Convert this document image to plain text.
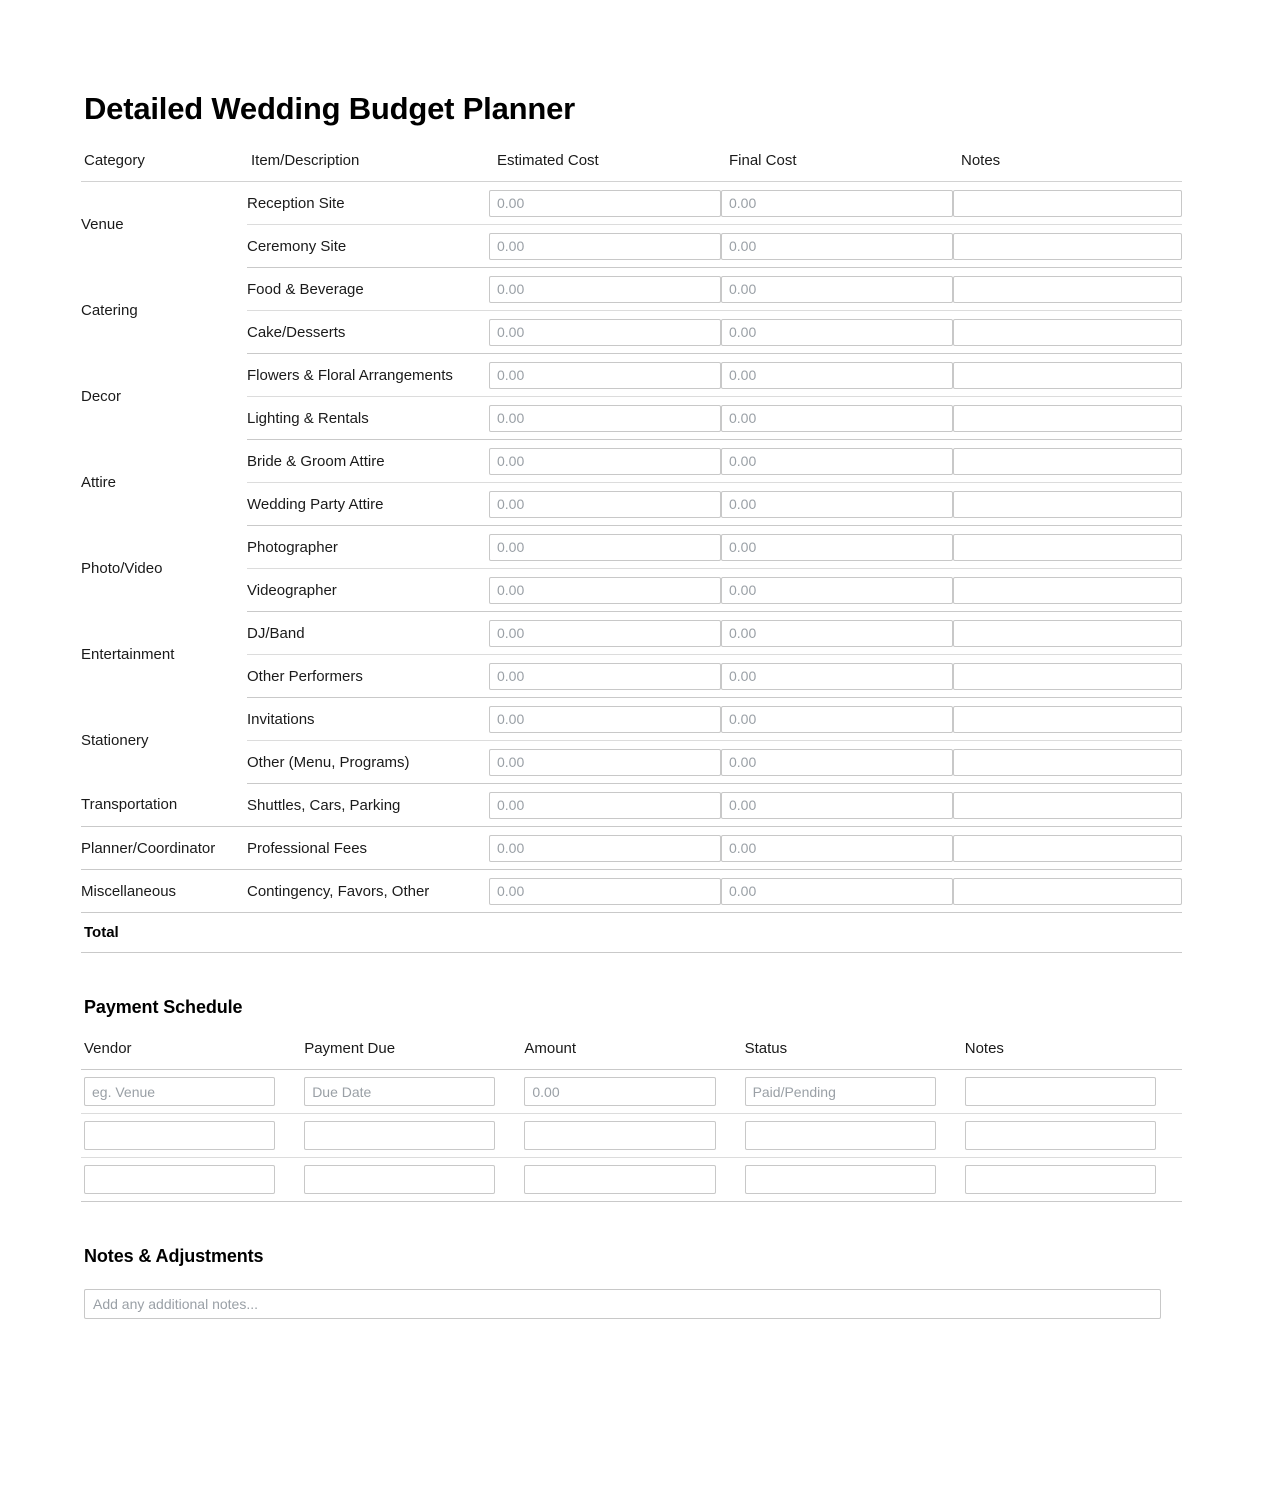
Detailed Wedding Budget Planner
Category	Item/Description	Estimated Cost	Final Cost	Notes
Venue	Reception Site	0.00	0.00	
	Ceremony Site	0.00	0.00	
Catering	Food & Beverage	0.00	0.00	
	Cake/Desserts	0.00	0.00	
Decor	Flowers & Floral Arrangements	0.00	0.00	
	Lighting & Rentals	0.00	0.00	
Attire	Bride & Groom Attire	0.00	0.00	
	Wedding Party Attire	0.00	0.00	
Photo/Video	Photographer	0.00	0.00	
	Videographer	0.00	0.00	
Entertainment	DJ/Band	0.00	0.00	
	Other Performers	0.00	0.00	
Stationery	Invitations	0.00	0.00	
	Other (Menu, Programs)	0.00	0.00	
Transportation	Shuttles, Cars, Parking	0.00	0.00	
Planner/Coordinator	Professional Fees	0.00	0.00	
Miscellaneous	Contingency, Favors, Other	0.00	0.00	
Total				
Payment Schedule
Vendor	Payment Due	Amount	Status	Notes
eg. Venue	Due Date	0.00	Paid/Pending	

Notes & Adjustments
Add any additional notes...
